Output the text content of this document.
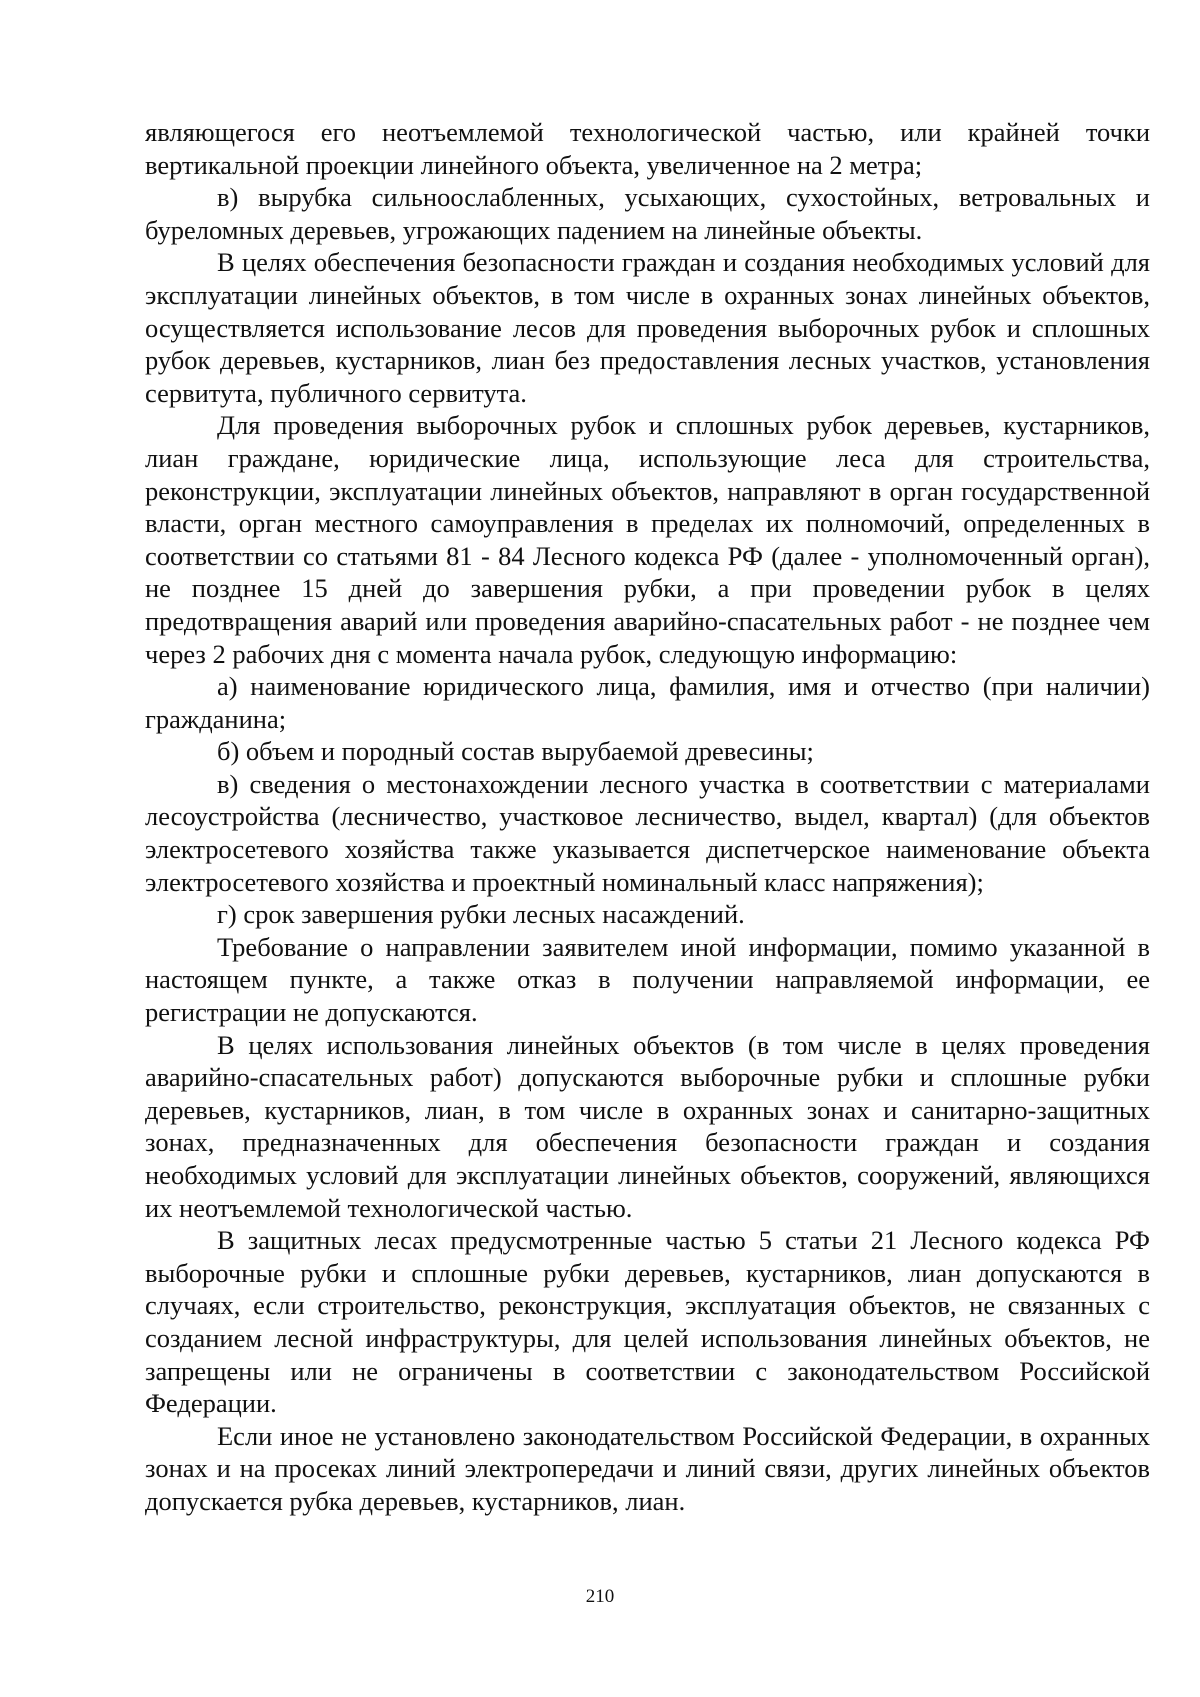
являющегося его неотъемлемой технологической частью, или крайней точки вертикальной проекции линейного объекта, увеличенное на 2 метра;

в) вырубка сильноослабленных, усыхающих, сухостойных, ветровальных и буреломных деревьев, угрожающих падением на линейные объекты.

В целях обеспечения безопасности граждан и создания необходимых условий для эксплуатации линейных объектов, в том числе в охранных зонах линейных объектов, осуществляется использование лесов для проведения выборочных рубок и сплошных рубок деревьев, кустарников, лиан без предоставления лесных участков, установления сервитута, публичного сервитута.

Для проведения выборочных рубок и сплошных рубок деревьев, кустарников, лиан граждане, юридические лица, использующие леса для строительства, реконструкции, эксплуатации линейных объектов, направляют в орган государственной власти, орган местного самоуправления в пределах их полномочий, определенных в соответствии со статьями 81 - 84 Лесного кодекса РФ (далее - уполномоченный орган), не позднее 15 дней до завершения рубки, а при проведении рубок в целях предотвращения аварий или проведения аварийно-спасательных работ - не позднее чем через 2 рабочих дня с момента начала рубок, следующую информацию:

а) наименование юридического лица, фамилия, имя и отчество (при наличии) гражданина;

б) объем и породный состав вырубаемой древесины;

в) сведения о местонахождении лесного участка в соответствии с материалами лесоустройства (лесничество, участковое лесничество, выдел, квартал) (для объектов электросетевого хозяйства также указывается диспетчерское наименование объекта электросетевого хозяйства и проектный номинальный класс напряжения);

г) срок завершения рубки лесных насаждений.

Требование о направлении заявителем иной информации, помимо указанной в настоящем пункте, а также отказ в получении направляемой информации, ее регистрации не допускаются.

В целях использования линейных объектов (в том числе в целях проведения аварийно-спасательных работ) допускаются выборочные рубки и сплошные рубки деревьев, кустарников, лиан, в том числе в охранных зонах и санитарно-защитных зонах, предназначенных для обеспечения безопасности граждан и создания необходимых условий для эксплуатации линейных объектов, сооружений, являющихся их неотъемлемой технологической частью.

В защитных лесах предусмотренные частью 5 статьи 21 Лесного кодекса РФ выборочные рубки и сплошные рубки деревьев, кустарников, лиан допускаются в случаях, если строительство, реконструкция, эксплуатация объектов, не связанных с созданием лесной инфраструктуры, для целей использования линейных объектов, не запрещены или не ограничены в соответствии с законодательством Российской Федерации.

Если иное не установлено законодательством Российской Федерации, в охранных зонах и на просеках линий электропередачи и линий связи, других линейных объектов допускается рубка деревьев, кустарников, лиан.

210
